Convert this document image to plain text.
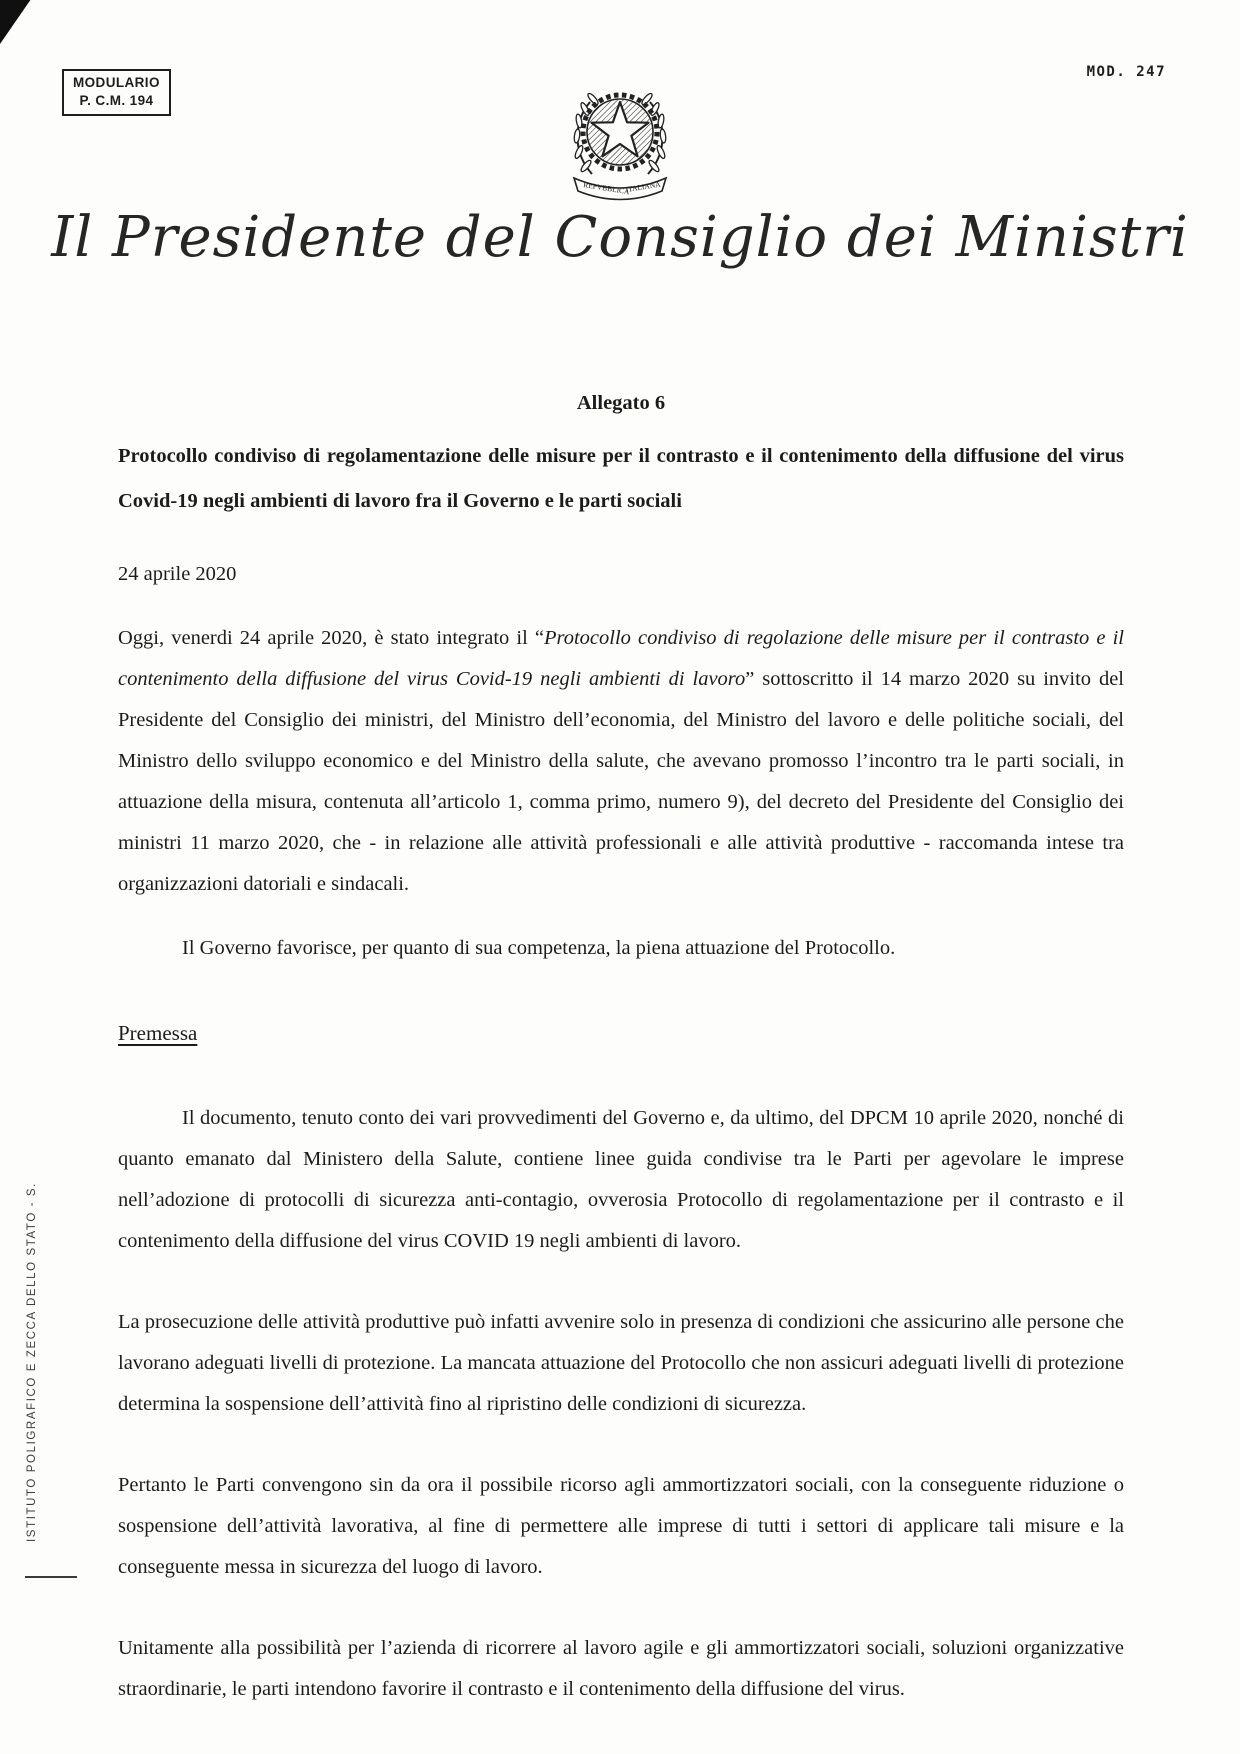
MODULARIO
P. C.M. 194
MOD. 247
REPVBBLICA
ITALIANA
Il Presidente del Consiglio dei Ministri
ISTITUTO POLIGRAFICO E ZECCA DELLO STATO - S.
Allegato 6

Protocollo condiviso di regolamentazione delle misure per il contrasto e il contenimento della diffusione del virus Covid-19 negli ambienti di lavoro fra il Governo e le parti sociali

24 aprile 2020

Oggi, venerdi 24 aprile 2020, è stato integrato il “Protocollo condiviso di regolazione delle misure per il contrasto e il contenimento della diffusione del virus Covid-19 negli ambienti di lavoro” sottoscritto il 14 marzo 2020 su invito del Presidente del Consiglio dei ministri, del Ministro dell’economia, del Ministro del lavoro e delle politiche sociali, del Ministro dello sviluppo economico e del Ministro della salute, che avevano promosso l’incontro tra le parti sociali, in attuazione della misura, contenuta all’articolo 1, comma primo, numero 9), del decreto del Presidente del Consiglio dei ministri 11 marzo 2020, che - in relazione alle attività professionali e alle attività produttive - raccomanda intese tra organizzazioni datoriali e sindacali.

Il Governo favorisce, per quanto di sua competenza, la piena attuazione del Protocollo.

Premessa

Il documento, tenuto conto dei vari provvedimenti del Governo e, da ultimo, del DPCM 10 aprile 2020, nonché di quanto emanato dal Ministero della Salute, contiene linee guida condivise tra le Parti per agevolare le imprese nell’adozione di protocolli di sicurezza anti-contagio, ovverosia Protocollo di regolamentazione per il contrasto e il contenimento della diffusione del virus COVID 19 negli ambienti di lavoro.

La prosecuzione delle attività produttive può infatti avvenire solo in presenza di condizioni che assicurino alle persone che lavorano adeguati livelli di protezione. La mancata attuazione del Protocollo che non assicuri adeguati livelli di protezione determina la sospensione dell’attività fino al ripristino delle condizioni di sicurezza.

Pertanto le Parti convengono sin da ora il possibile ricorso agli ammortizzatori sociali, con la conseguente riduzione o sospensione dell’attività lavorativa, al fine di permettere alle imprese di tutti i settori di applicare tali misure e la conseguente messa in sicurezza del luogo di lavoro.

Unitamente alla possibilità per l’azienda di ricorrere al lavoro agile e gli ammortizzatori sociali, soluzioni organizzative straordinarie, le parti intendono favorire il contrasto e il contenimento della diffusione del virus.
